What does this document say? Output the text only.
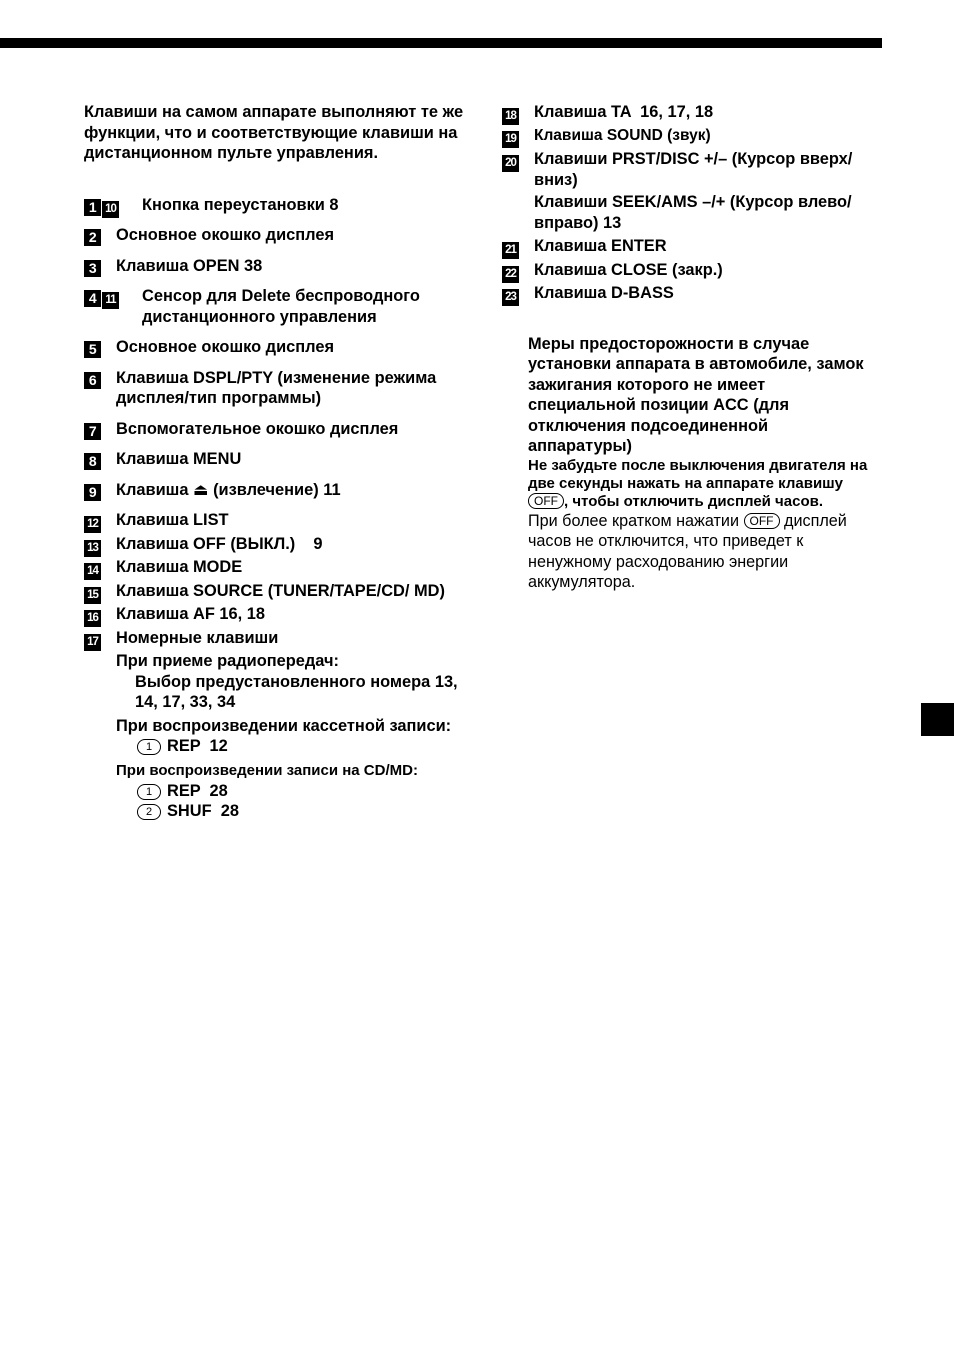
Клавиши на самом аппарате выполняют те же функции, что и соответствующие клавиши на дистанционном пульте управления.

1 10	Кнопка переустановки 8
2	Основное окошко дисплея
3	Клавиша OPEN 38
4 11	Сенсор для Delete беспроводного дистанционного управления
5	Основное окошко дисплея
6	Клавиша DSPL/PTY (изменение режима дисплея/тип программы)
7	Вспомогательное окошко дисплея
8	Клавиша MENU
9	Клавиша ⏏ (извлечение) 11
12	Клавиша LIST
13	Клавиша OFF (ВЫКЛ.)    9
14	Клавиша MODE
15	Клавиша SOURCE (TUNER/TAPE/CD/ MD)
16	Клавиша AF 16, 18
17	Номерные клавиши
При приеме радиопередач:
Выбор предустановленного номера 13, 14, 17, 33, 34
При воспроизведении кассетной записи:
1 REP  12
При воспроизведении записи на CD/MD:
1 REP  28
2 SHUF  28
18	Клавиша TA  16, 17, 18
19	Клавиша SOUND (звук)
20	Клавиши PRST/DISC +/– (Курсор вверх/вниз)
Клавиши SEEK/AMS –/+ (Курсор влево/вправо) 13
21	Клавиша ENTER
22	Клавиша CLOSE (закр.)
23	Клавиша D-BASS
Меры предосторожности в случае установки аппарата в автомобиле, замок зажигания которого не имеет специальной позиции ACC (для отключения подсоединенной аппаратуры)
Не забудьте после выключения двигателя на две секунды нажать на аппарате клавишу OFF , чтобы отключить дисплей часов.
При более кратком нажатии OFF дисплей часов не отключится, что приведет к ненужному расходованию энергии аккумулятора.
